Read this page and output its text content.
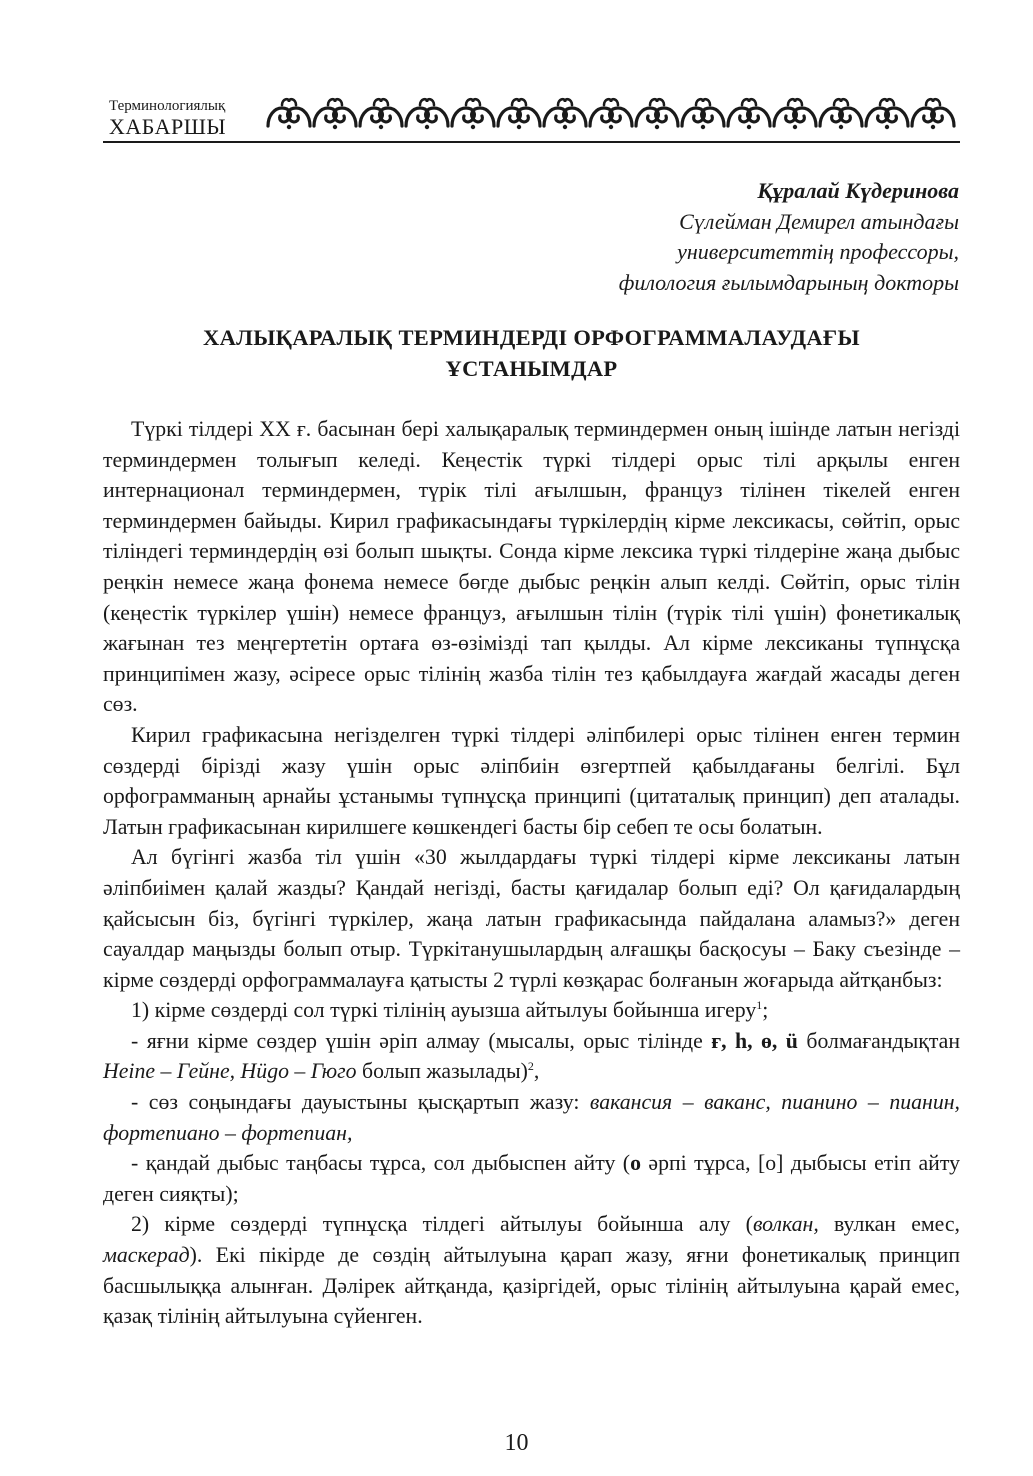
Терминологиялық
ХАБАРШЫ
Құралай Күдеринова
Сүлейман Демирел атындағы
университеттің профессоры,
филология ғылымдарының докторы
ХАЛЫҚАРАЛЫҚ ТЕРМИНДЕРДІ ОРФОГРАММАЛАУДАҒЫ
ҰСТАНЫМДАР

Түркі тілдері ХХ ғ. басынан бері халықаралық терминдермен оның ішінде латын негізді терминдермен толығып келеді. Кеңестік түркі тілдері орыс тілі арқылы енген интернационал терминдермен, түрік тілі ағылшын, француз тілінен тікелей енген терминдермен байыды. Кирил графикасындағы түркілердің кірме лексикасы, сөйтіп, орыс тіліндегі терминдердің өзі болып шықты. Сонда кірме лексика түркі тілдеріне жаңа дыбыс реңкін немесе жаңа фонема немесе бөгде дыбыс реңкін алып келді. Сөйтіп, орыс тілін (кеңестік түркілер үшін) немесе француз, ағылшын тілін (түрік тілі үшін) фонетикалық жағынан тез меңгертетін ортаға өз-өзімізді тап қылды. Ал кірме лексиканы түпнұсқа принципімен жазу, әсіресе орыс тілінің жазба тілін тез қабылдауға жағдай жасады деген сөз.

Кирил графикасына негізделген түркі тілдері әліпбилері орыс тілінен енген термин сөздерді бірізді жазу үшін орыс әліпбиін өзгертпей қабылдағаны белгілі. Бұл орфограмманың арнайы ұстанымы түпнұсқа принципі (цитаталық принцип) деп аталады. Латын графикасынан кирилшеге көшкендегі басты бір себеп те осы болатын.

Ал бүгінгі жазба тіл үшін «30 жылдардағы түркі тілдері кірме лексиканы латын әліпбиімен қалай жазды? Қандай негізді, басты қағидалар болып еді? Ол қағидалардың қайсысын біз, бүгінгі түркілер, жаңа латын графикасында пайдалана аламыз?» деген сауалдар маңызды болып отыр. Түркітанушылардың алғашқы басқосуы – Баку съезінде – кірме сөздерді орфограммалауға қатысты 2 түрлі көзқарас болғанын жоғарыда айтқанбыз:

1) кірме сөздерді сол түркі тілінің ауызша айтылуы бойынша игеру$^1$;

- яғни кірме сөздер үшін әріп алмау (мысалы, орыс тілінде ғ, h, ө, ü болмағандықтан Heine – Гейне, Hügo – Гюго болып жазылады)$^2$,

- сөз соңындағы дауыстыны қысқартып жазу: вакансия – ваканс, пианино – пианин, фортепиано – фортепиан,

- қандай дыбыс таңбасы тұрса, сол дыбыспен айту (о әрпі тұрса, [о] дыбысы етіп айту деген сияқты);

2) кірме сөздерді түпнұсқа тілдегі айтылуы бойынша алу (волкан, вулкан емес, маскерад). Екі пікірде де сөздің айтылуына қарап жазу, яғни фонетикалық принцип басшылыққа алынған. Дәлірек айтқанда, қазіргідей, орыс тілінің айтылуына қарай емес, қазақ тілінің айтылуына сүйенген.

10
